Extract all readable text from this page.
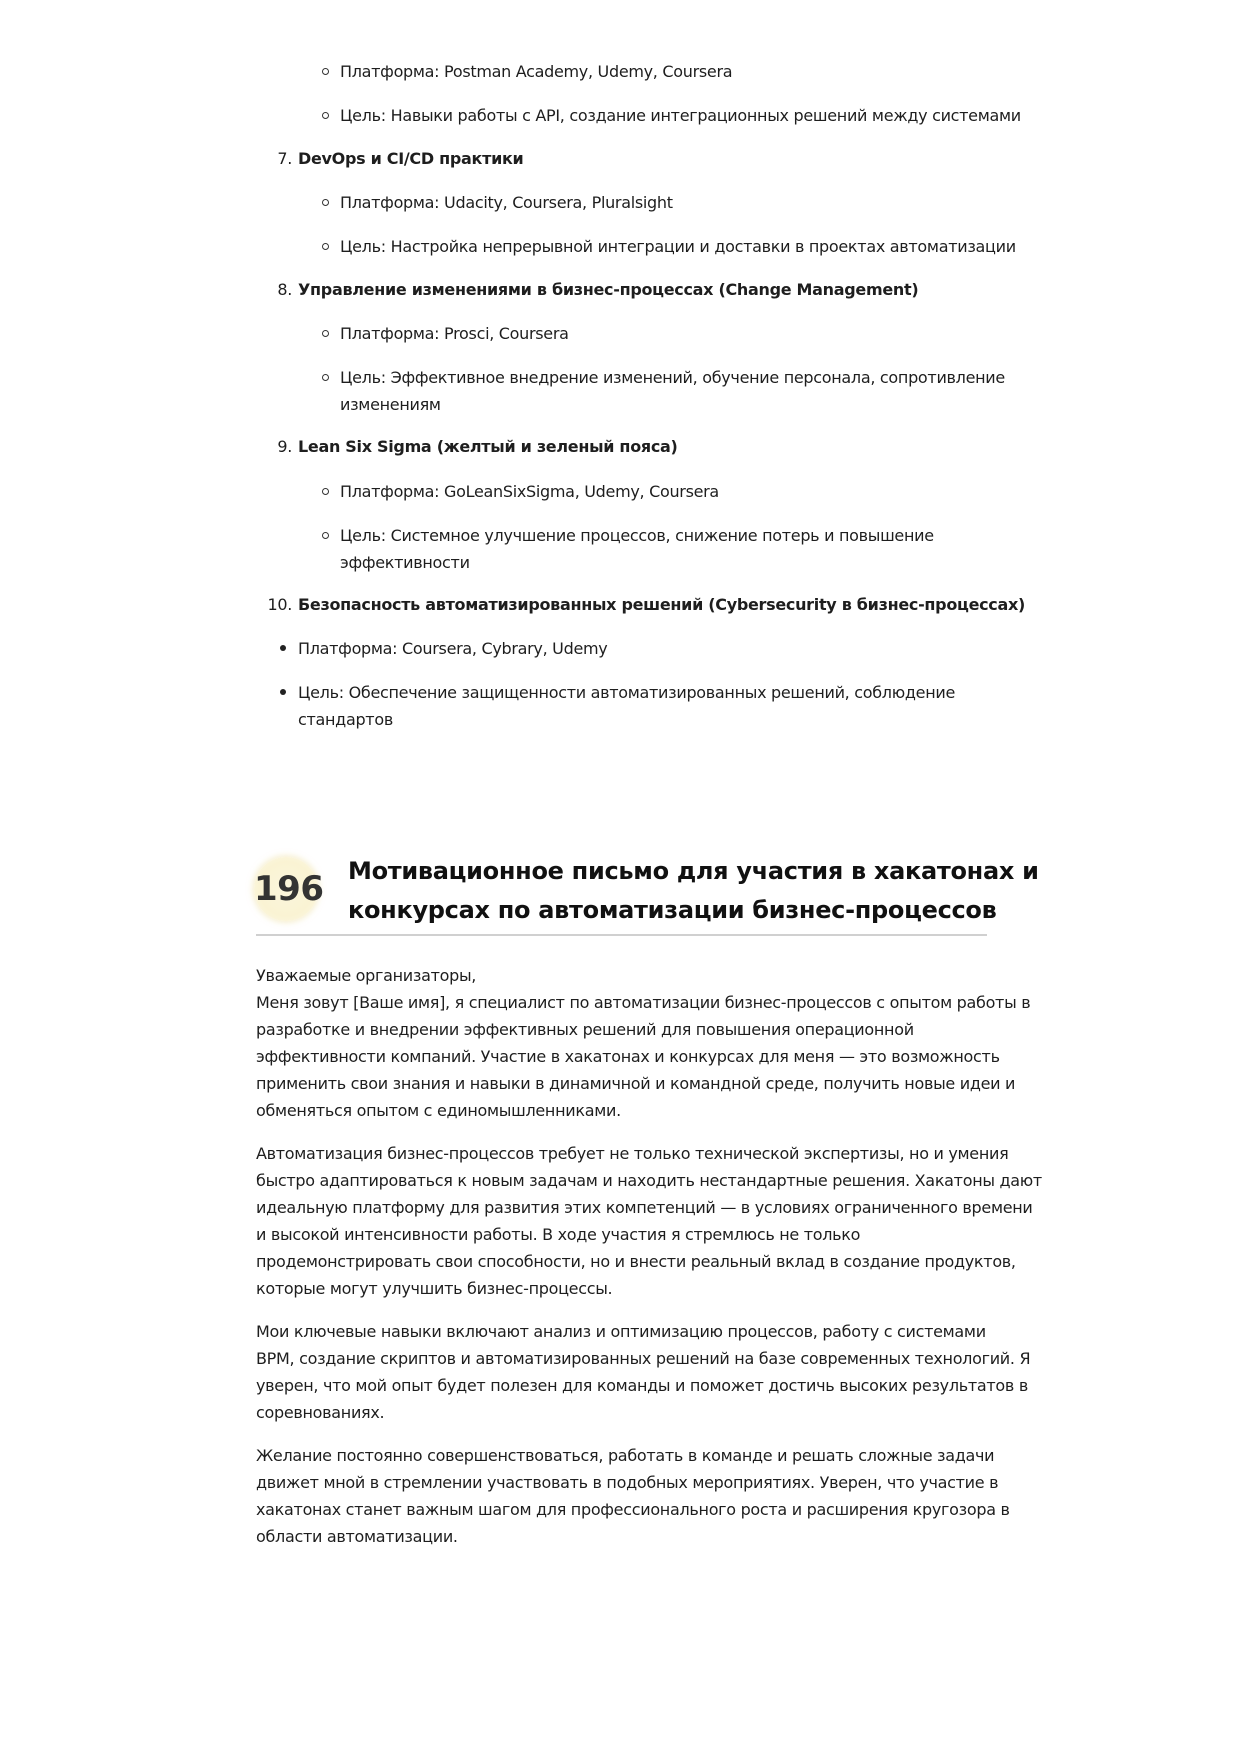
Платформа: Postman Academy, Udemy, Coursera
Цель: Навыки работы с API, создание интеграционных решений между системами
7. DevOps и CI/CD практики
Платформа: Udacity, Coursera, Pluralsight
Цель: Настройка непрерывной интеграции и доставки в проектах автоматизации
8. Управление изменениями в бизнес-процессах (Change Management)
Платформа: Prosci, Coursera
Цель: Эффективное внедрение изменений, обучение персонала, сопротивление
изменениям
9. Lean Six Sigma (желтый и зеленый пояса)
Платформа: GoLeanSixSigma, Udemy, Coursera
Цель: Системное улучшение процессов, снижение потерь и повышение
эффективности
10. Безопасность автоматизированных решений (Cybersecurity в бизнес-процессах)
Платформа: Coursera, Cybrary, Udemy
Цель: Обеспечение защищенности автоматизированных решений, соблюдение
стандартов
196 Мотивационное письмо для участия в хакатонах и
конкурсах по автоматизации бизнес-процессов
Уважаемые организаторы,
Меня зовут [Ваше имя], я специалист по автоматизации бизнес-процессов с опытом работы в
разработке и внедрении эффективных решений для повышения операционной
эффективности компаний. Участие в хакатонах и конкурсах для меня — это возможность
применить свои знания и навыки в динамичной и командной среде, получить новые идеи и
обменяться опытом с единомышленниками.
Автоматизация бизнес-процессов требует не только технической экспертизы, но и умения
быстро адаптироваться к новым задачам и находить нестандартные решения. Хакатоны дают
идеальную платформу для развития этих компетенций — в условиях ограниченного времени
и высокой интенсивности работы. В ходе участия я стремлюсь не только
продемонстрировать свои способности, но и внести реальный вклад в создание продуктов,
которые могут улучшить бизнес-процессы.
Мои ключевые навыки включают анализ и оптимизацию процессов, работу с системами
BPM, создание скриптов и автоматизированных решений на базе современных технологий. Я
уверен, что мой опыт будет полезен для команды и поможет достичь высоких результатов в
соревнованиях.
Желание постоянно совершенствоваться, работать в команде и решать сложные задачи
движет мной в стремлении участвовать в подобных мероприятиях. Уверен, что участие в
хакатонах станет важным шагом для профессионального роста и расширения кругозора в
области автоматизации.
